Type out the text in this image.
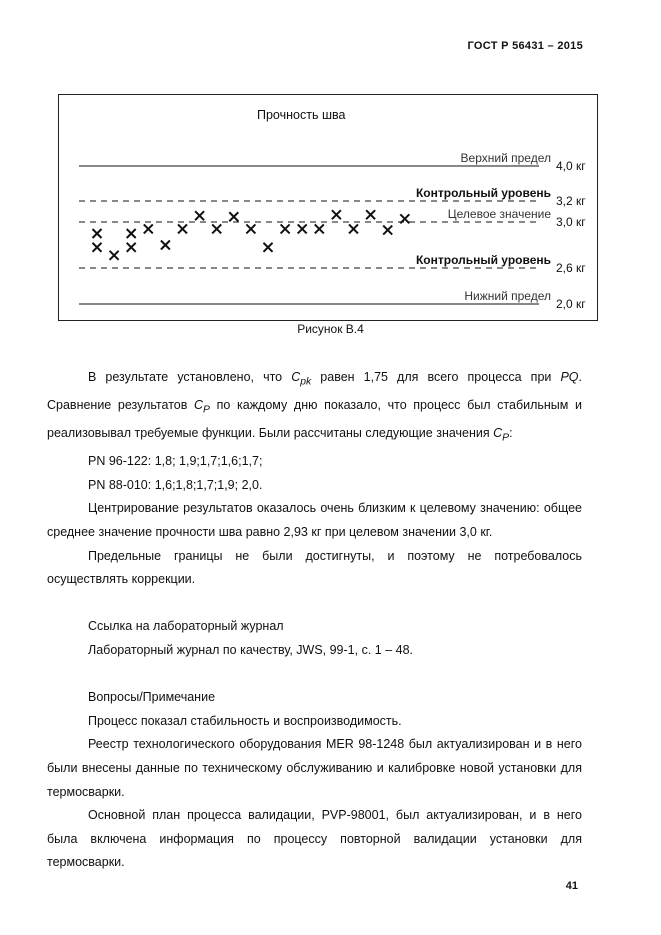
ГОСТ Р 56431 – 2015
Прочность шва
Верхний предел
4,0 кг
Контрольный уровень
3,2 кг
Целевое значение
3,0 кг
Контрольный уровень
2,6 кг
Нижний предел
2,0 кг
Рисунок В.4

В результате установлено, что $C_{pk}$ равен 1,75 для всего процесса при PQ. Сравнение результатов $C_P$ по каждому дню показало, что процесс был стабильным и реализовывал требуемые функции. Были рассчитаны следующие значения $C_P$:

PN 96-122: 1,8; 1,9;1,7;1,6;1,7;

PN 88-010: 1,6;1,8;1,7;1,9; 2,0.

Центрирование результатов оказалось очень близким к целевому значению: общее среднее значение прочности шва равно 2,93 кг при целевом значении 3,0 кг.

Предельные границы не были достигнуты, и поэтому не потребовалось осуществлять коррекции.

Ссылка на лабораторный журнал

Лабораторный журнал по качеству, JWS, 99-1, с. 1 – 48.

Вопросы/Примечание

Процесс показал стабильность и воспроизводимость.

Реестр технологического оборудования MER 98-1248 был актуализирован и в него были внесены данные по техническому обслуживанию и калибровке новой установки для термосварки.

Основной план процесса валидации, PVP-98001, был актуализирован, и в него была включена информация по процессу повторной валидации установки для термосварки.

41
